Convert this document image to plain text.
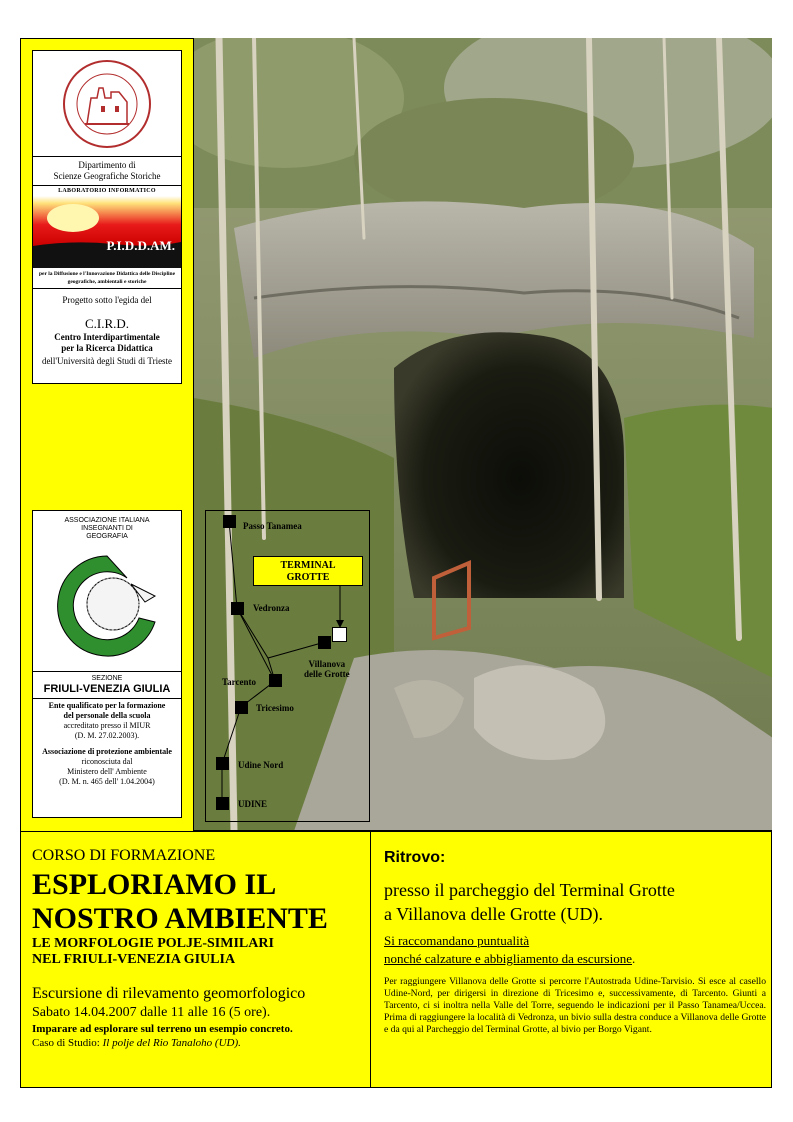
Dipartimento di
Scienze Geografiche Storiche
LABORATORIO INFORMATICO
P.I.D.D.AM.
per la Diffusione e l'Innovazione Didattica delle Discipline geografiche, ambientali e storiche
Progetto sotto l'egida del
C.I.R.D.
Centro Interdipartimentale
per la Ricerca Didattica
dell'Università degli Studi di Trieste
ASSOCIAZIONE ITALIANA
INSEGNANTI DI
GEOGRAFIA
SEZIONE
FRIULI-VENEZIA GIULIA
Ente qualificato per la formazione
del personale della scuola
accreditato presso il MIUR
(D. M. 27.02.2003).
Associazione di protezione ambientale
riconosciuta dal
Ministero dell' Ambiente
(D. M. n. 465 dell' 1.04.2004)
Passo Tanamea
Vedronza
Villanova
delle Grotte
Tarcento
Tricesimo
Udine Nord
UDINE
TERMINAL
GROTTE
CORSO DI FORMAZIONE
ESPLORIAMO IL
NOSTRO AMBIENTE
LE MORFOLOGIE POLJE-SIMILARI
NEL FRIULI-VENEZIA GIULIA
Escursione di rilevamento geomorfologico
Sabato 14.04.2007 dalle 11 alle 16 (5 ore).
Imparare ad esplorare sul terreno un esempio concreto.
Caso di Studio: Il polje del Rio Tanaloho (UD).
Ritrovo:
presso il parcheggio del Terminal Grotte
a Villanova delle Grotte (UD).
Si raccomandano puntualità
nonché calzature e abbigliamento da escursione.
Per raggiungere Villanova delle Grotte si percorre l'Autostrada Udine-Tarvisio. Si esce al casello Udine-Nord, per dirigersi in direzione di Tricesimo e, successivamente, di Tarcento. Giunti a Tarcento, ci si inoltra nella Valle del Torre, seguendo le indicazioni per il Passo Tanamea/Uccea. Prima di raggiungere la località di Vedronza, un bivio sulla destra conduce a Villanova delle Grotte e da qui al Parcheggio del Terminal Grotte, al bivio per Borgo Vigant.
